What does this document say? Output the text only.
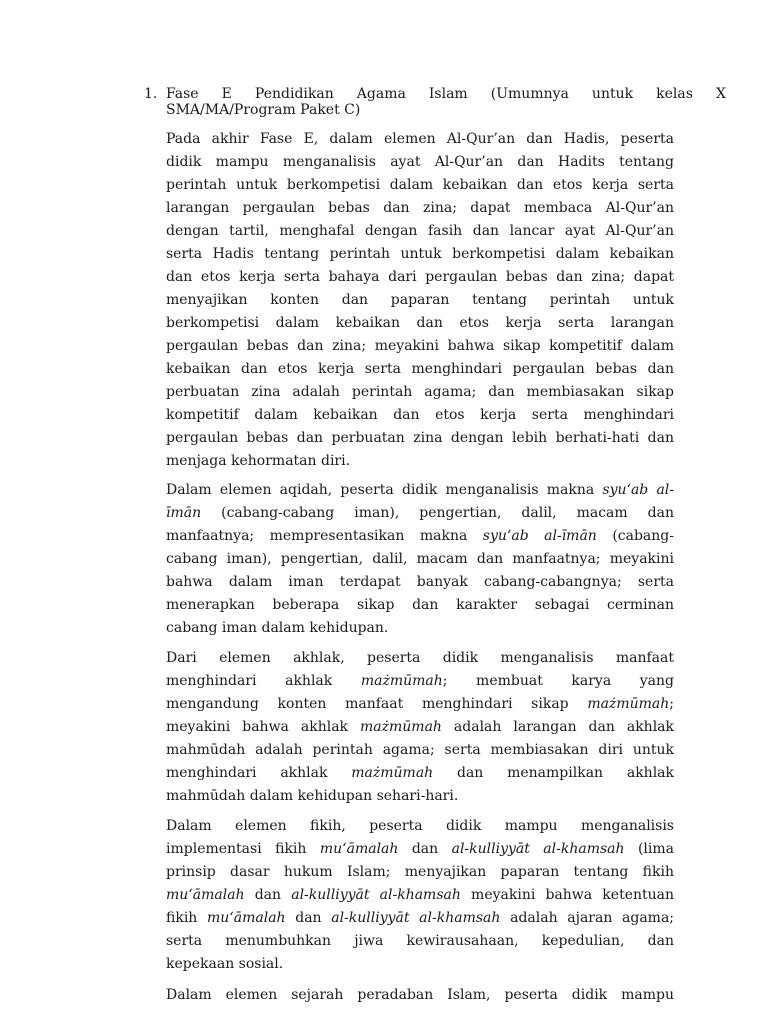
1. Fase E Pendidikan Agama Islam (Umumnya untuk kelas X
SMA/MA/Program Paket C)
Pada akhir Fase E, dalam elemen Al-Qur’an dan Hadis, peserta
didik mampu menganalisis ayat Al-Qur’an dan Hadits tentang
perintah untuk berkompetisi dalam kebaikan dan etos kerja serta
larangan pergaulan bebas dan zina; dapat membaca Al-Qur’an
dengan tartil, menghafal dengan fasih dan lancar ayat Al-Qur’an
serta Hadis tentang perintah untuk berkompetisi dalam kebaikan
dan etos kerja serta bahaya dari pergaulan bebas dan zina; dapat
menyajikan konten dan paparan tentang perintah untuk
berkompetisi dalam kebaikan dan etos kerja serta larangan
pergaulan bebas dan zina; meyakini bahwa sikap kompetitif dalam
kebaikan dan etos kerja serta menghindari pergaulan bebas dan
perbuatan zina adalah perintah agama; dan membiasakan sikap
kompetitif dalam kebaikan dan etos kerja serta menghindari
pergaulan bebas dan perbuatan zina dengan lebih berhati-hati dan
menjaga kehormatan diri.
Dalam elemen aqidah, peserta didik menganalisis makna syu‘ab al-
īmān (cabang-cabang iman), pengertian, dalil, macam dan
manfaatnya; mempresentasikan makna syu‘ab al-īmān (cabang-
cabang iman), pengertian, dalil, macam dan manfaatnya; meyakini
bahwa dalam iman terdapat banyak cabang-cabangnya; serta
menerapkan beberapa sikap dan karakter sebagai cerminan
cabang iman dalam kehidupan.
Dari elemen akhlak, peserta didik menganalisis manfaat
menghindari akhlak mażmūmah; membuat karya yang
mengandung konten manfaat menghindari sikap mażmūmah;
meyakini bahwa akhlak mażmūmah adalah larangan dan akhlak
mahmūdah adalah perintah agama; serta membiasakan diri untuk
menghindari akhlak mażmūmah dan menampilkan akhlak
mahmūdah dalam kehidupan sehari-hari.
Dalam elemen fikih, peserta didik mampu menganalisis
implementasi fikih mu‘āmalah dan al-kulliyyāt al-khamsah (lima
prinsip dasar hukum Islam; menyajikan paparan tentang fikih
mu‘āmalah dan al-kulliyyāt al-khamsah meyakini bahwa ketentuan
fikih mu‘āmalah dan al-kulliyyāt al-khamsah adalah ajaran agama;
serta menumbuhkan jiwa kewirausahaan, kepedulian, dan
kepekaan sosial.
Dalam elemen sejarah peradaban Islam, peserta didik mampu
